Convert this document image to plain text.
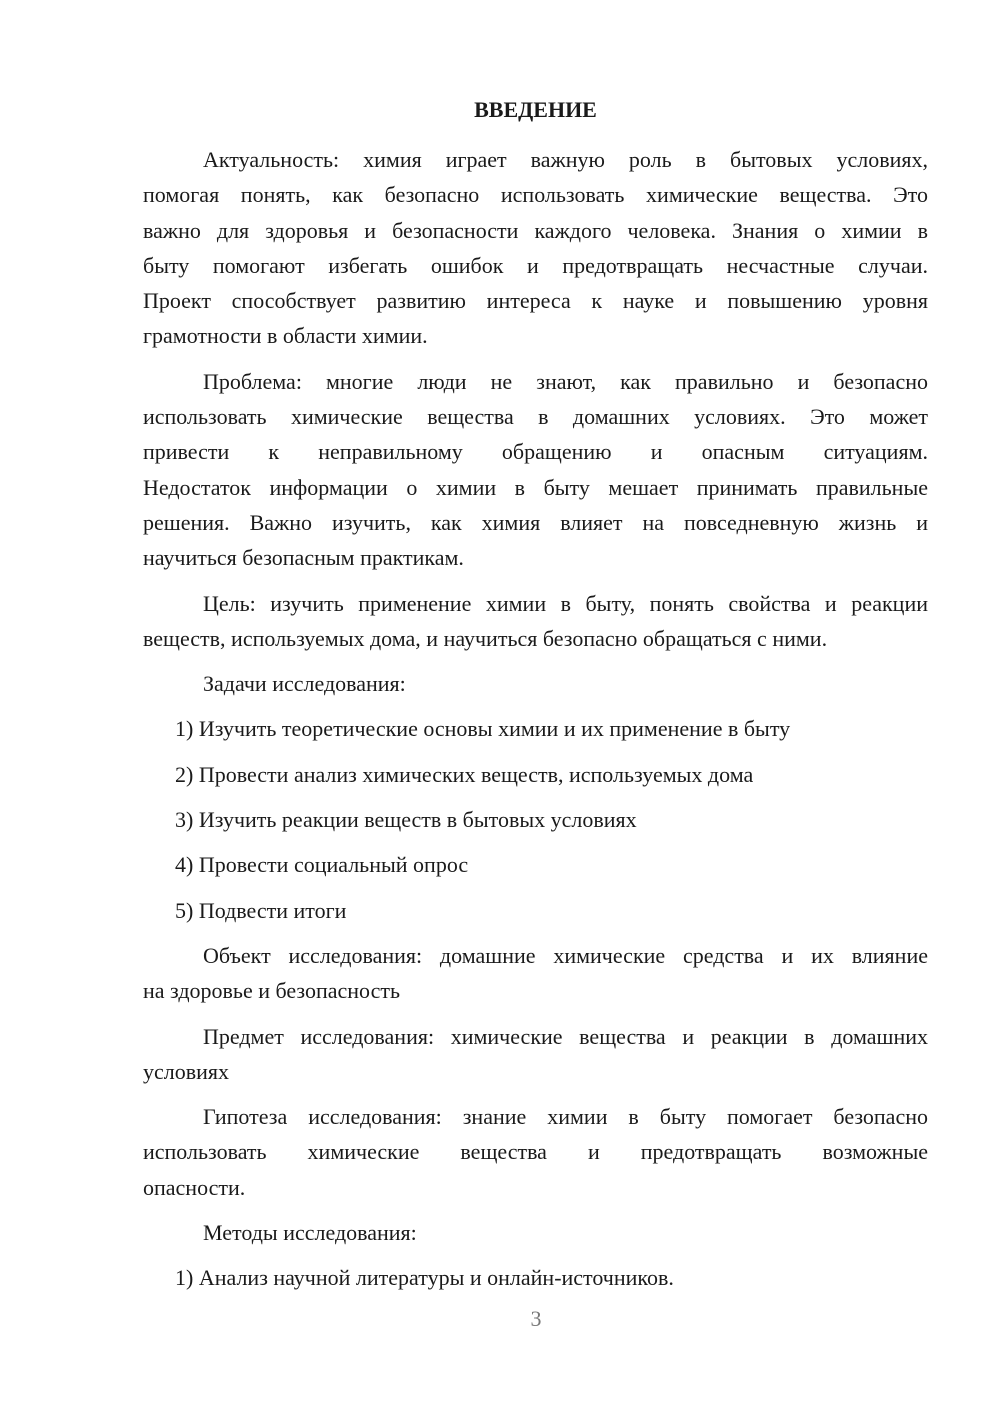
ВВЕДЕНИЕ
Актуальность: химия играет важную роль в бытовых условиях,
помогая понять, как безопасно использовать химические вещества. Это
важно для здоровья и безопасности каждого человека. Знания о химии в
быту помогают избегать ошибок и предотвращать несчастные случаи.
Проект способствует развитию интереса к науке и повышению уровня
грамотности в области химии.
Проблема: многие люди не знают, как правильно и безопасно
использовать химические вещества в домашних условиях. Это может
привести к неправильному обращению и опасным ситуациям.
Недостаток информации о химии в быту мешает принимать правильные
решения. Важно изучить, как химия влияет на повседневную жизнь и
научиться безопасным практикам.
Цель: изучить применение химии в быту, понять свойства и реакции
веществ, используемых дома, и научиться безопасно обращаться с ними.
Задачи исследования:
1) Изучить теоретические основы химии и их применение в быту
2) Провести анализ химических веществ, используемых дома
3) Изучить реакции веществ в бытовых условиях
4) Провести социальный опрос
5) Подвести итоги
Объект исследования: домашние химические средства и их влияние
на здоровье и безопасность
Предмет исследования: химические вещества и реакции в домашних
условиях
Гипотеза исследования: знание химии в быту помогает безопасно
использовать химические вещества и предотвращать возможные
опасности.
Методы исследования:
1) Анализ научной литературы и онлайн-источников.
3
